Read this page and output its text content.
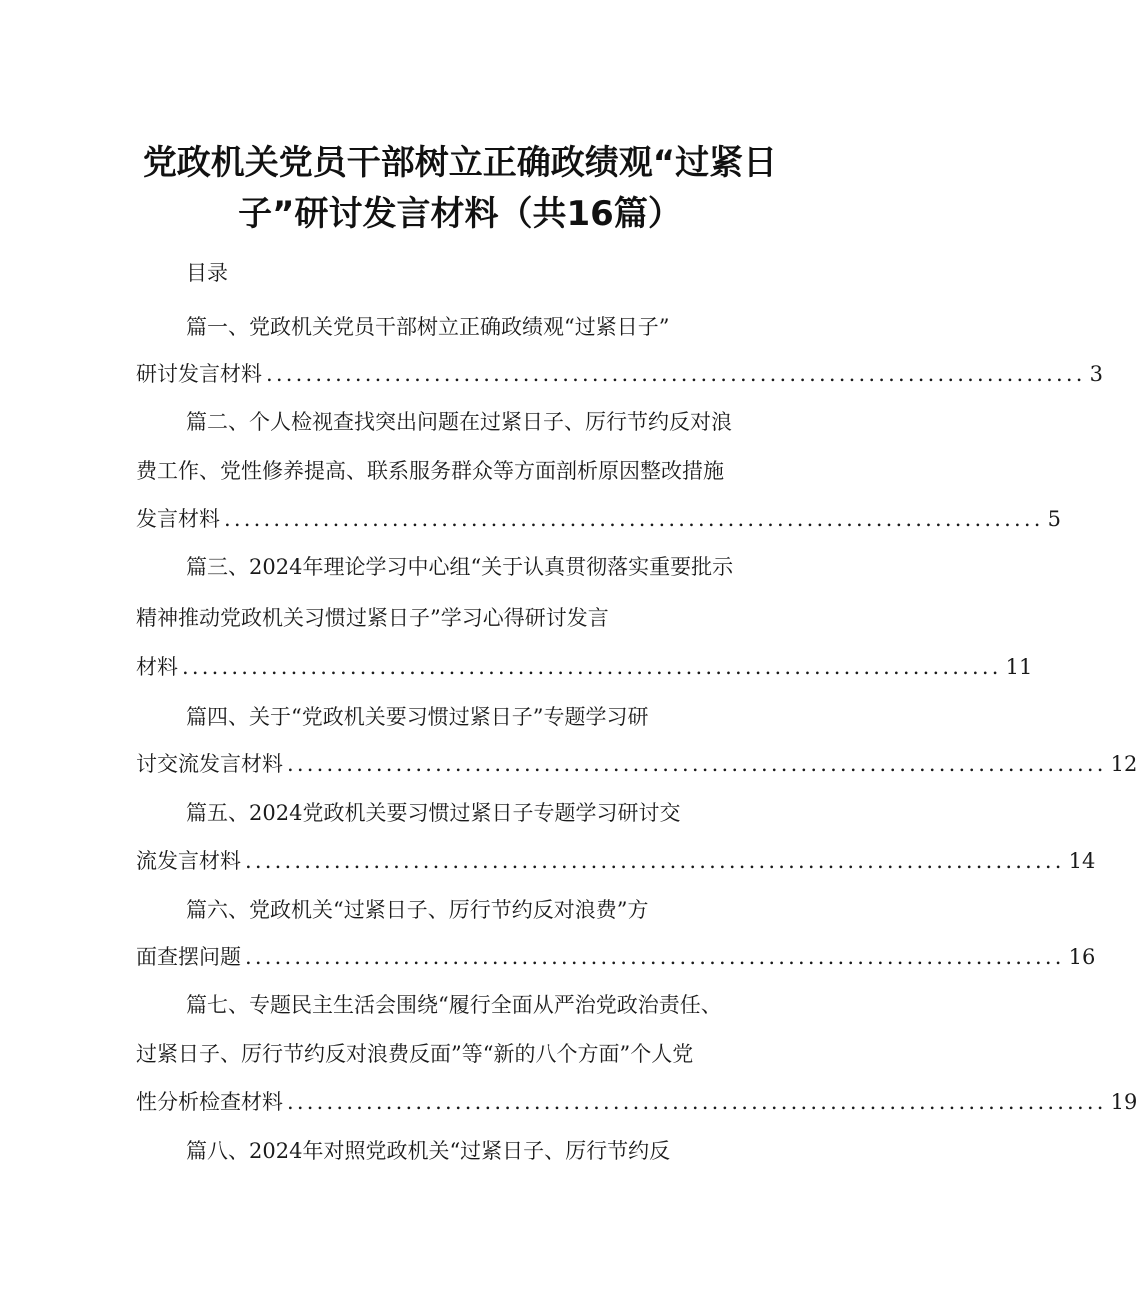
党政机关党员干部树立正确政绩观“过紧日
子”研讨发言材料（共16篇）

目录

篇一、党政机关党员干部树立正确政绩观“过紧日子”

研讨发言材料 ................................................................................... 3

篇二、个人检视查找突出问题在过紧日子、厉行节约反对浪

费工作、党性修养提高、联系服务群众等方面剖析原因整改措施

发言材料 ................................................................................... 5

篇三、2024年理论学习中心组“关于认真贯彻落实重要批示

精神推动党政机关习惯过紧日子”学习心得研讨发言

材料 ................................................................................... 11

篇四、关于“党政机关要习惯过紧日子”专题学习研

讨交流发言材料 ................................................................................... 12

篇五、2024党政机关要习惯过紧日子专题学习研讨交

流发言材料 ................................................................................... 14

篇六、党政机关“过紧日子、厉行节约反对浪费”方

面查摆问题 ................................................................................... 16

篇七、专题民主生活会围绕“履行全面从严治党政治责任、

过紧日子、厉行节约反对浪费反面”等“新的八个方面”个人党

性分析检查材料 ................................................................................... 19

篇八、2024年对照党政机关“过紧日子、厉行节约反
